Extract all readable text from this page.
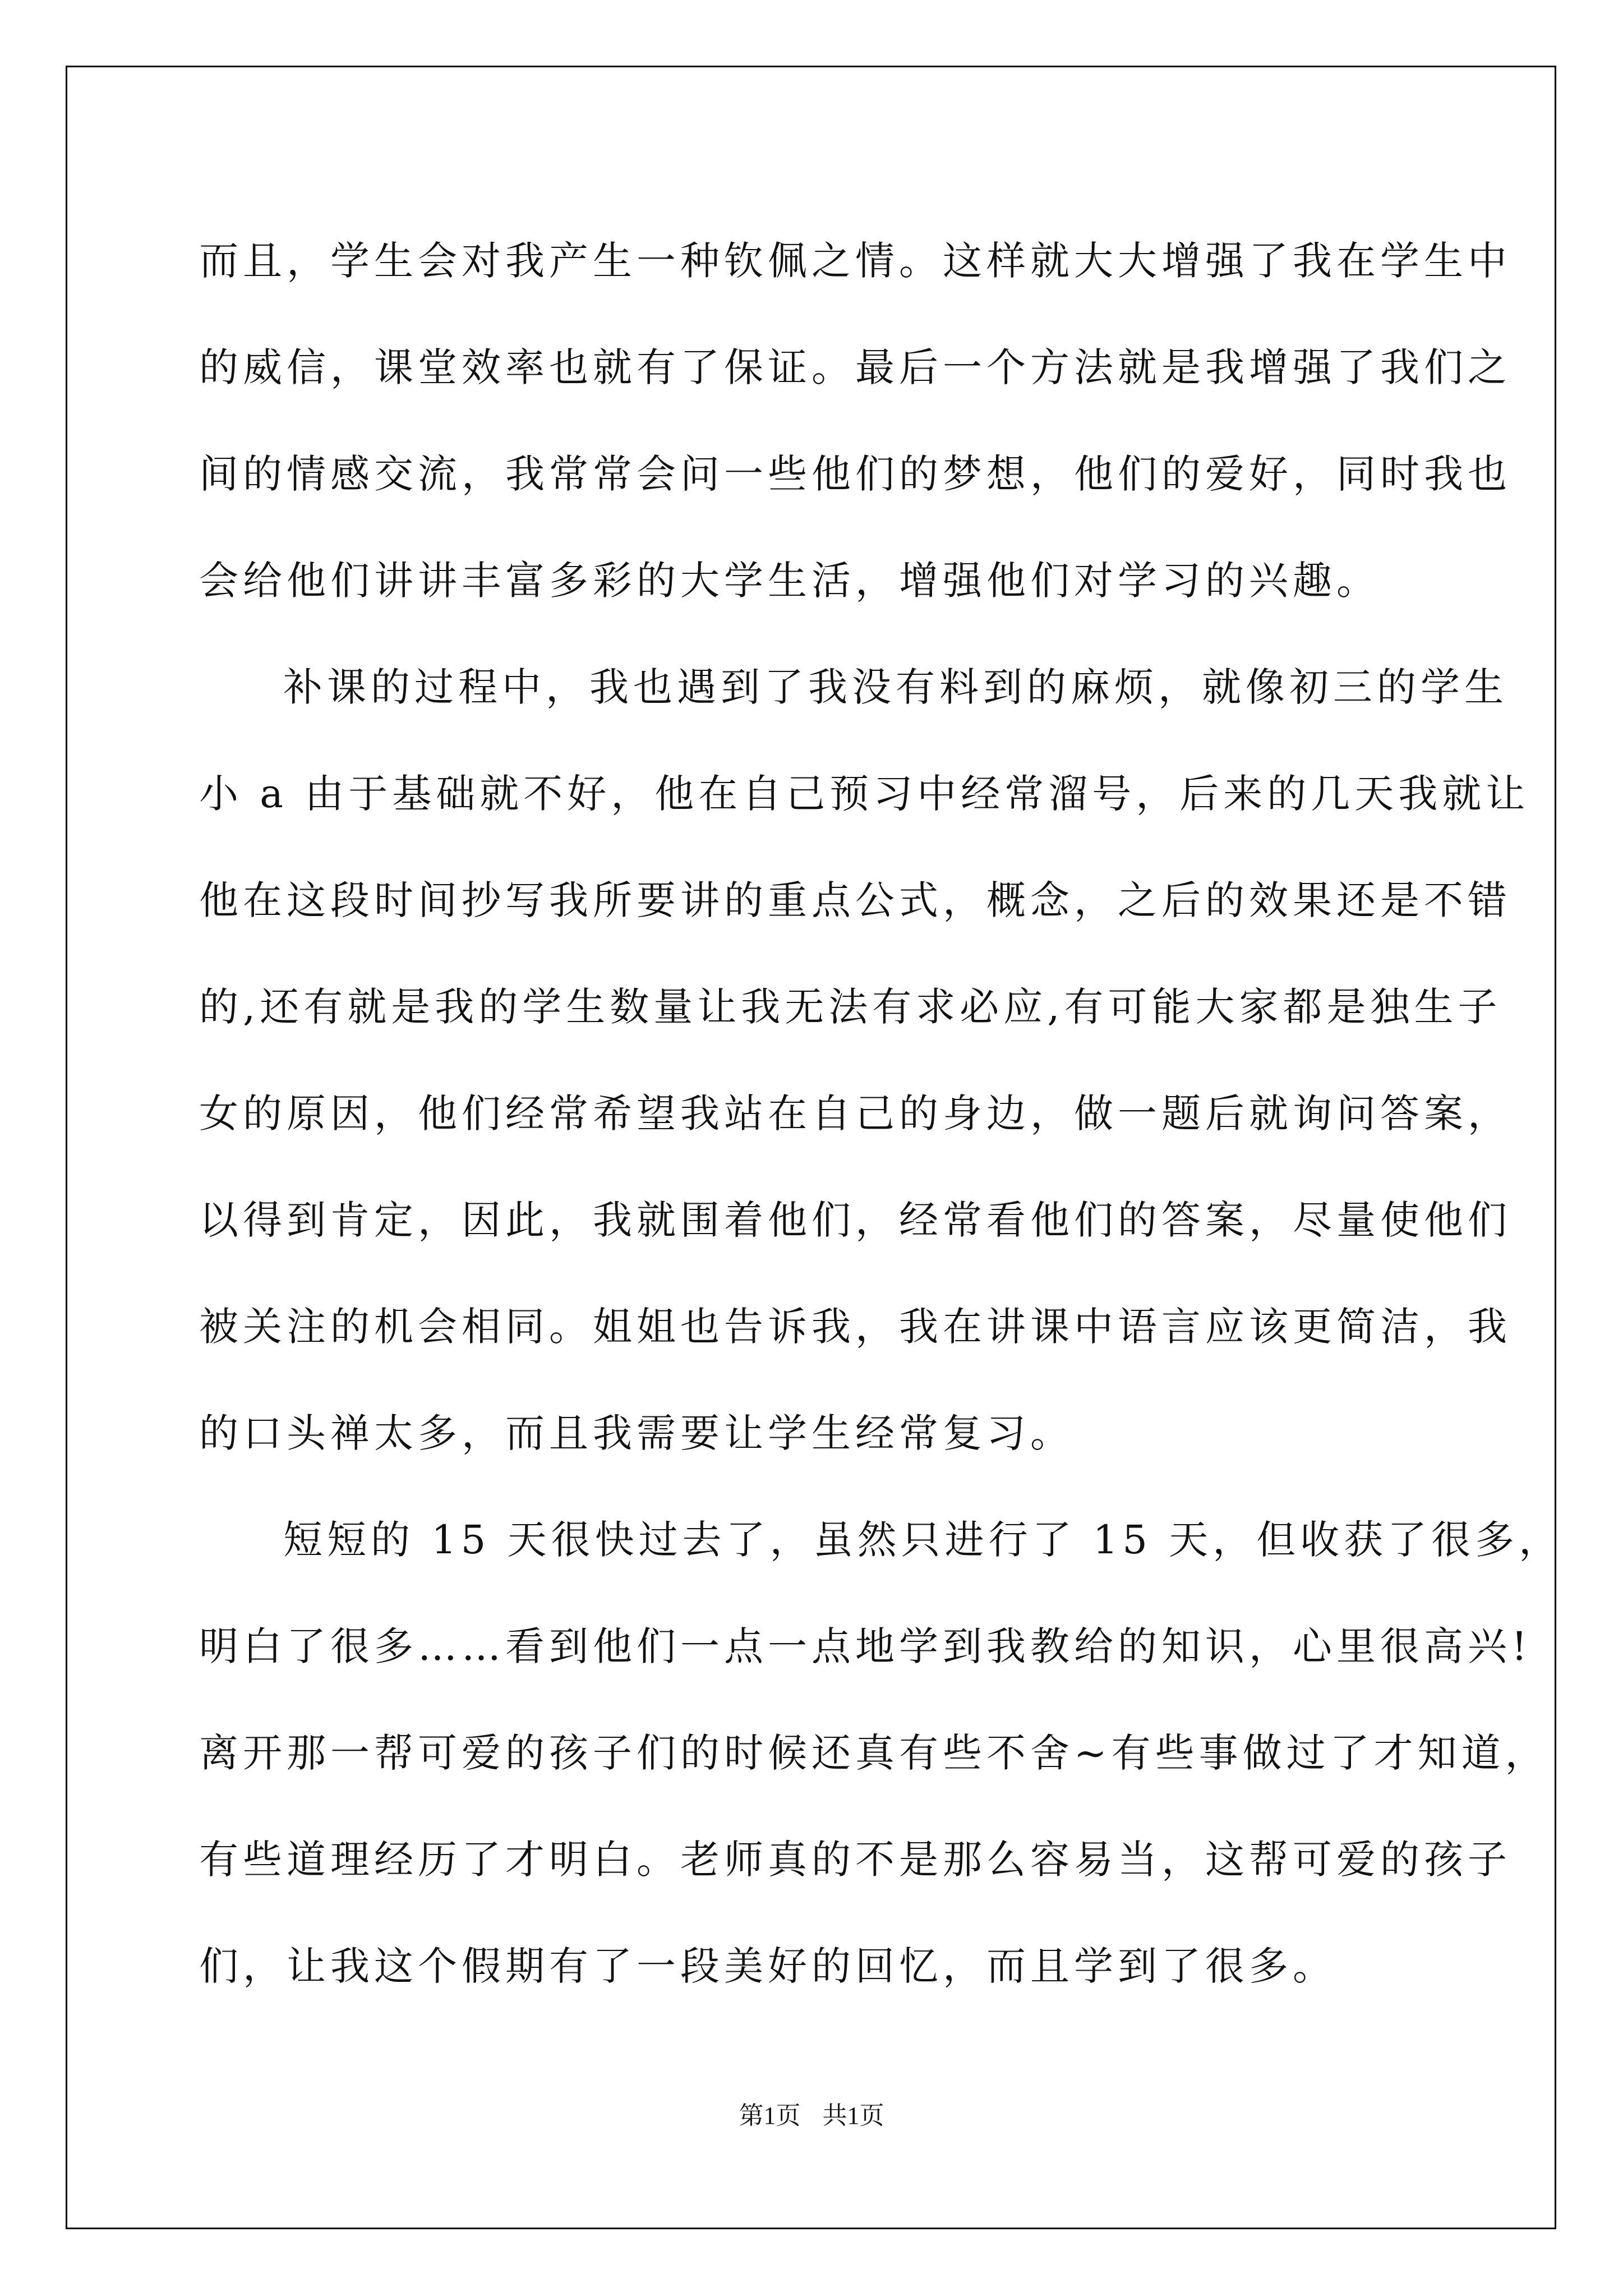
而且，学生会对我产生一种钦佩之情。这样就大大增强了我在学生中
的威信，课堂效率也就有了保证。最后一个方法就是我增强了我们之
间的情感交流，我常常会问一些他们的梦想，他们的爱好，同时我也
会给他们讲讲丰富多彩的大学生活，增强他们对学习的兴趣。
补课的过程中，我也遇到了我没有料到的麻烦，就像初三的学生
小 a 由于基础就不好，他在自己预习中经常溜号，后来的几天我就让
他在这段时间抄写我所要讲的重点公式，概念，之后的效果还是不错
的,还有就是我的学生数量让我无法有求必应,有可能大家都是独生子
女的原因，他们经常希望我站在自己的身边，做一题后就询问答案，
以得到肯定，因此，我就围着他们，经常看他们的答案，尽量使他们
被关注的机会相同。姐姐也告诉我，我在讲课中语言应该更简洁，我
的口头禅太多，而且我需要让学生经常复习。
短短的 15 天很快过去了，虽然只进行了 15 天，但收获了很多，
明白了很多……看到他们一点一点地学到我教给的知识，心里很高兴!
离开那一帮可爱的孩子们的时候还真有些不舍~有些事做过了才知道，
有些道理经历了才明白。老师真的不是那么容易当，这帮可爱的孩子
们，让我这个假期有了一段美好的回忆，而且学到了很多。
第1页 共1页
